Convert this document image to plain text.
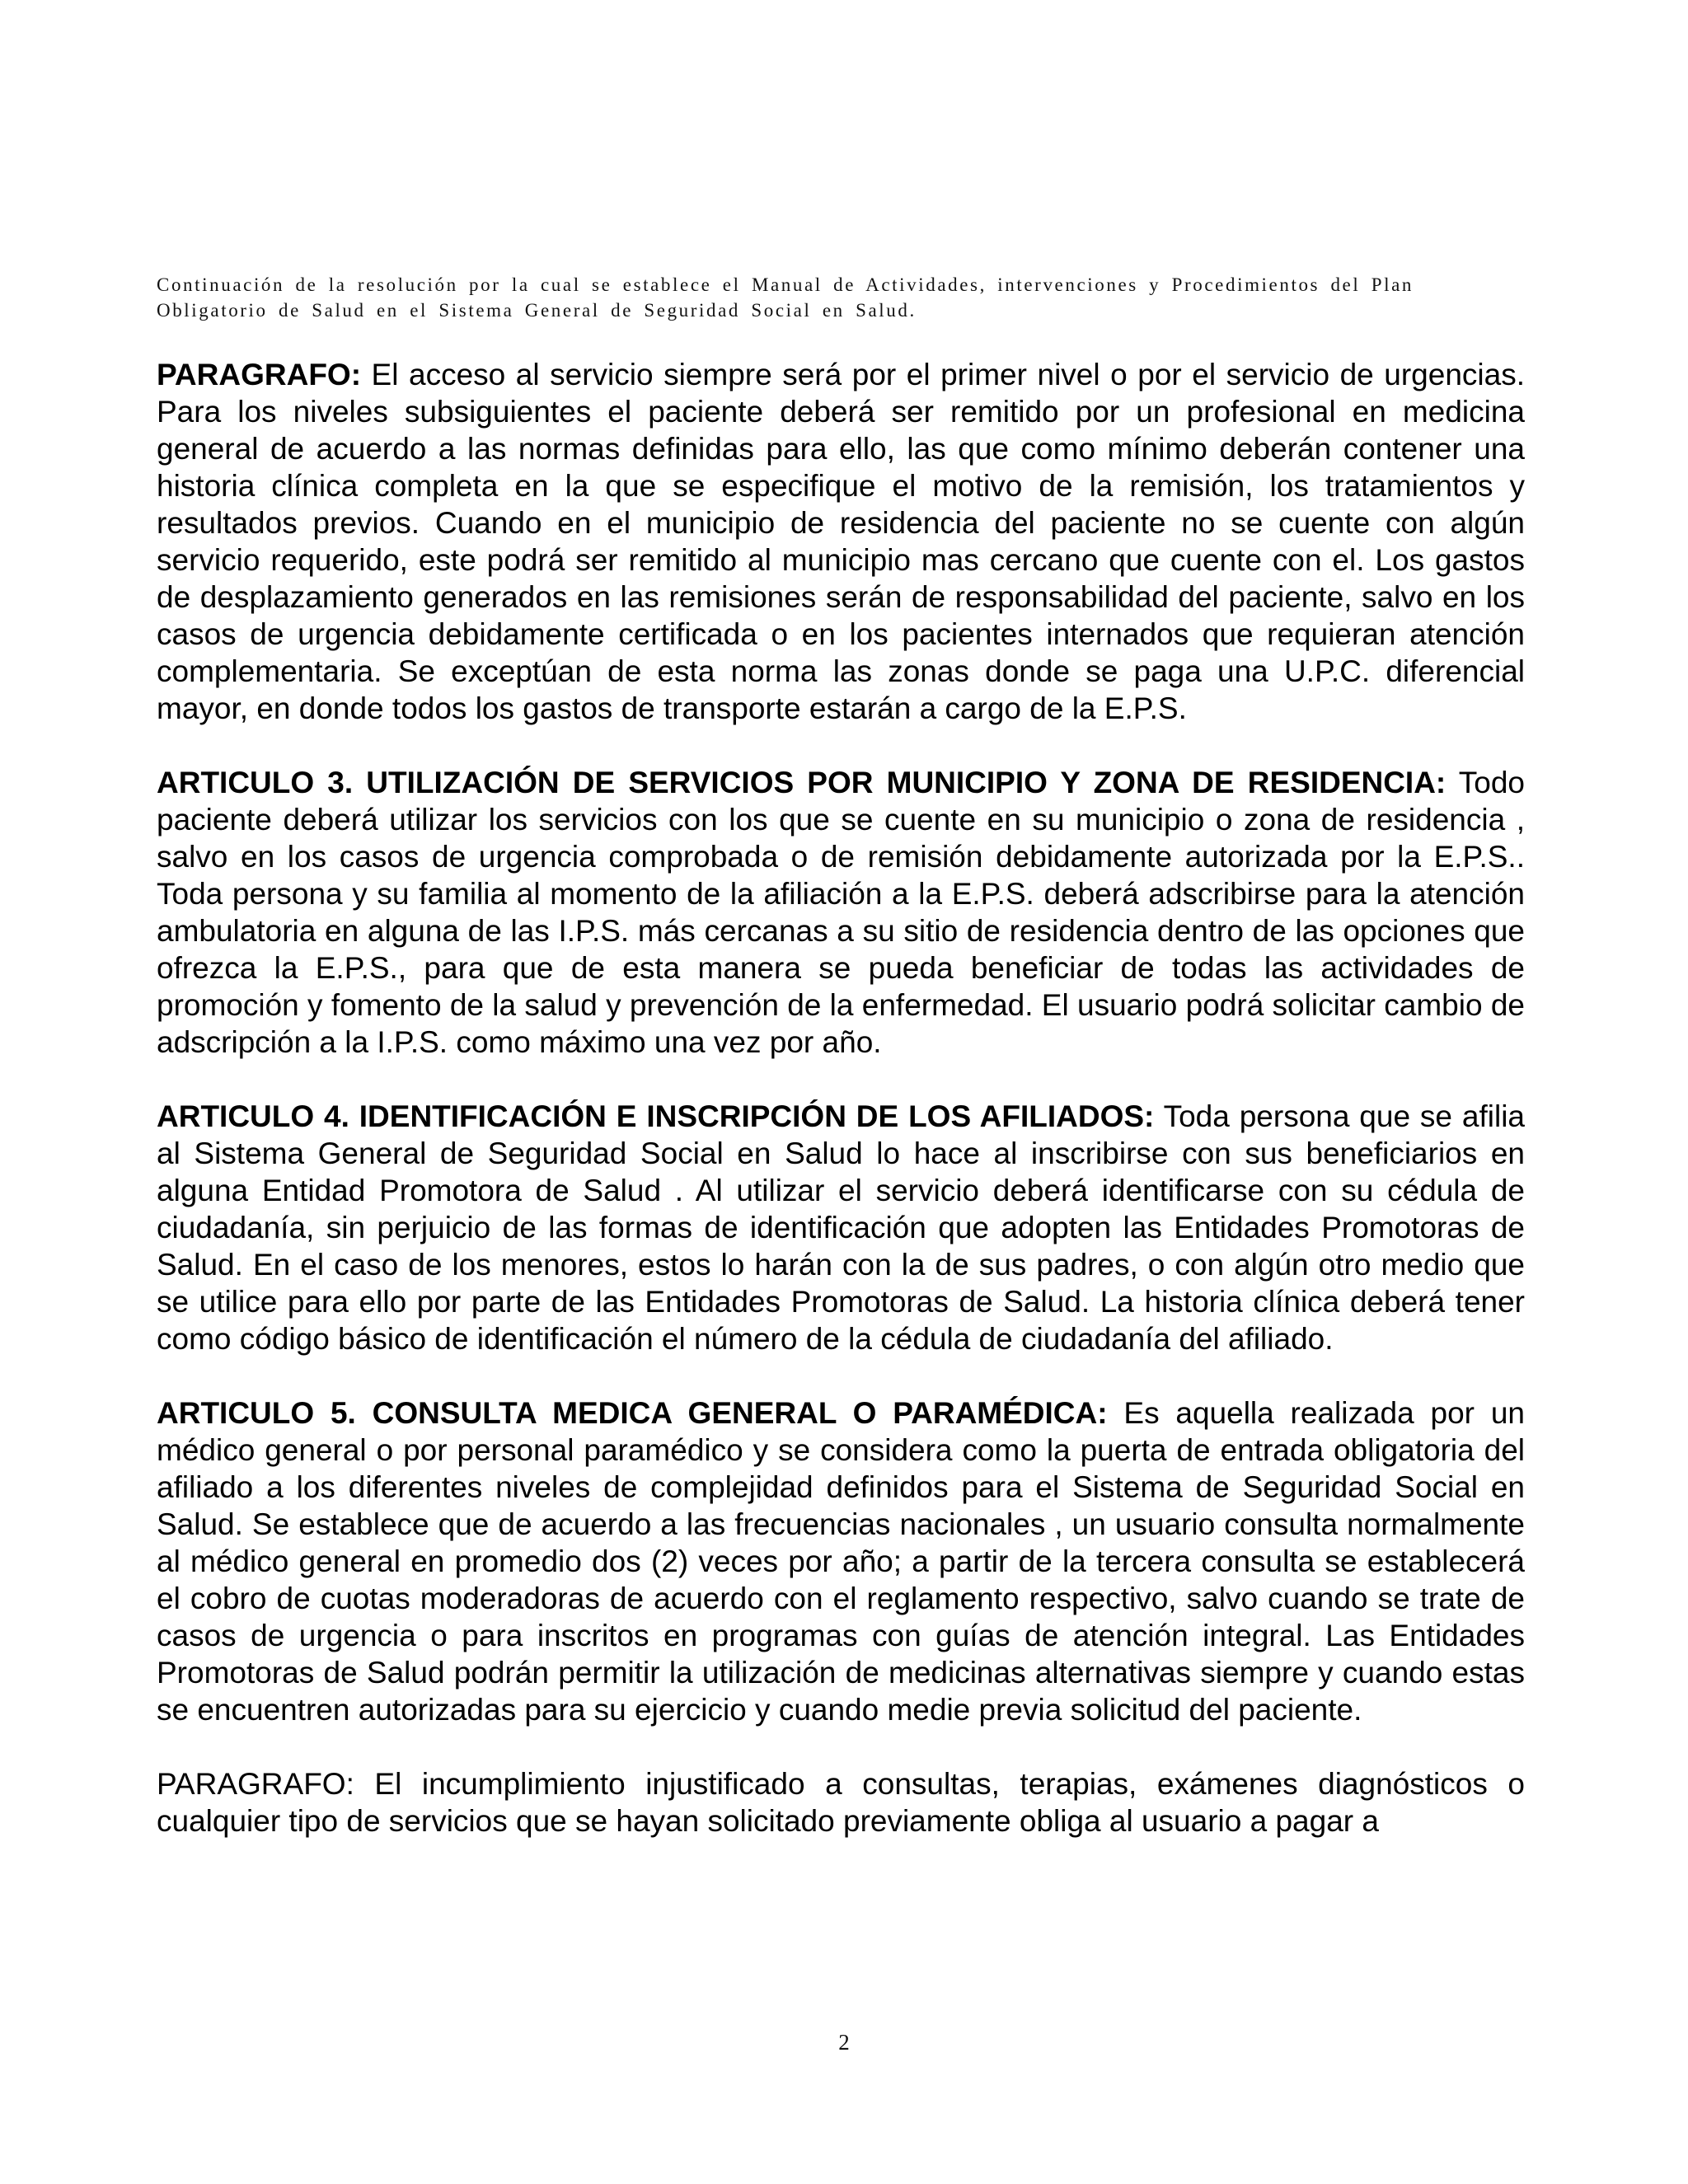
Continuación de la resolución por la cual se establece el Manual de Actividades, intervenciones y Procedimientos del Plan

Obligatorio de Salud en el Sistema General de Seguridad Social en Salud.

PARAGRAFO: El acceso al servicio siempre será por el primer nivel o por el servicio de urgencias. Para los niveles subsiguientes el paciente deberá ser remitido por un profesional en medicina general de acuerdo a las normas definidas para ello, las que como mínimo deberán contener una historia clínica completa en la que se especifique el motivo de la remisión, los tratamientos y resultados previos. Cuando en el municipio de residencia del paciente no se cuente con algún servicio requerido, este podrá ser remitido al municipio mas cercano que cuente con el. Los gastos de desplazamiento generados en las remisiones serán de responsabilidad del paciente, salvo en los casos de urgencia debidamente certificada o en los pacientes internados que requieran atención complementaria. Se exceptúan de esta norma las zonas donde se paga una U.P.C. diferencial mayor, en donde todos los gastos de transporte estarán a cargo de la E.P.S.

ARTICULO 3. UTILIZACIÓN DE SERVICIOS POR MUNICIPIO Y ZONA DE RESIDENCIA: Todo paciente deberá utilizar los servicios con los que se cuente en su municipio o zona de residencia , salvo en los casos de urgencia comprobada o de remisión debidamente autorizada por la E.P.S.. Toda persona y su familia al momento de la afiliación a la E.P.S. deberá adscribirse para la atención ambulatoria en alguna de las I.P.S. más cercanas a su sitio de residencia dentro de las opciones que ofrezca la E.P.S., para que de esta manera se pueda beneficiar de todas las actividades de promoción y fomento de la salud y prevención de la enfermedad. El usuario podrá solicitar cambio de adscripción a la I.P.S. como máximo una vez por año.

ARTICULO 4. IDENTIFICACIÓN E INSCRIPCIÓN DE LOS AFILIADOS: Toda persona que se afilia al Sistema General de Seguridad Social en Salud lo hace al inscribirse con sus beneficiarios en alguna Entidad Promotora de Salud . Al utilizar el servicio deberá identificarse con su cédula de ciudadanía, sin perjuicio de las formas de identificación que adopten las Entidades Promotoras de Salud. En el caso de los menores, estos lo harán con la de sus padres, o con algún otro medio que se utilice para ello por parte de las Entidades Promotoras de Salud. La historia clínica deberá tener como código básico de identificación el número de la cédula de ciudadanía del afiliado.

ARTICULO 5. CONSULTA MEDICA GENERAL O PARAMÉDICA: Es aquella realizada por un médico general o por personal paramédico y se considera como la puerta de entrada obligatoria del afiliado a los diferentes niveles de complejidad definidos para el Sistema de Seguridad Social en Salud. Se establece que de acuerdo a las frecuencias nacionales , un usuario consulta normalmente al médico general en promedio dos (2) veces por año; a partir de la tercera consulta se establecerá el cobro de cuotas moderadoras de acuerdo con el reglamento respectivo, salvo cuando se trate de casos de urgencia o para inscritos en programas con guías de atención integral. Las Entidades Promotoras de Salud podrán permitir la utilización de medicinas alternativas siempre y cuando estas se encuentren autorizadas para su ejercicio y cuando medie previa solicitud del paciente.

PARAGRAFO: El incumplimiento injustificado a consultas, terapias, exámenes diagnósticos o cualquier tipo de servicios que se hayan solicitado previamente obliga al usuario a pagar a

2
